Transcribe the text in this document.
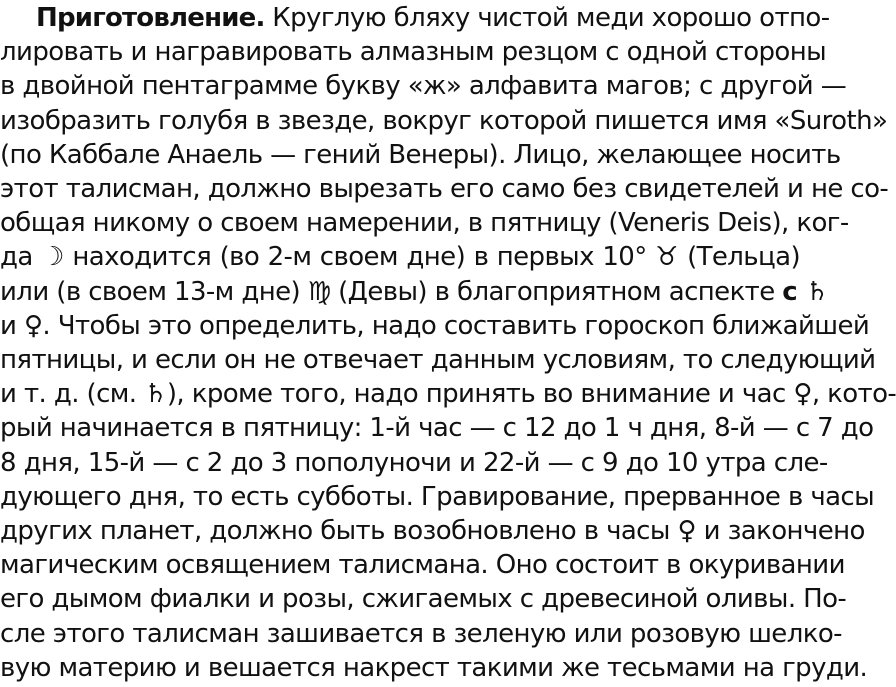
Приготовление. Круглую бляху чистой меди хорошо отпо-
лировать и награвировать алмазным резцом с одной стороны
в двойной пентаграмме букву «ж» алфавита магов; с другой —
изобразить голубя в звезде, вокруг которой пишется имя «Suroth»
(по Каббале Анаель — гений Венеры). Лицо, желающее носить
этот талисман, должно вырезать его само без свидетелей и не со-
общая никому о своем намерении, в пятницу (Veneris Deis), ког-
да ☽ находится (во 2-м своем дне) в первых 10° ♉ (Тельца)
или (в своем 13-м дне) ♍ (Девы) в благоприятном аспекте с ♄
и ♀. Чтобы это определить, надо составить гороскоп ближайшей
пятницы, и если он не отвечает данным условиям, то следующий
и т. д. (см. ♄), кроме того, надо принять во внимание и час ♀, кото-
рый начинается в пятницу: 1-й час — с 12 до 1 ч дня, 8-й — с 7 до
8 дня, 15-й — с 2 до 3 пополуночи и 22-й — с 9 до 10 утра сле-
дующего дня, то есть субботы. Гравирование, прерванное в часы
других планет, должно быть возобновлено в часы ♀ и закончено
магическим освящением талисмана. Оно состоит в окуривании
его дымом фиалки и розы, сжигаемых с древесиной оливы. По-
сле этого талисман зашивается в зеленую или розовую шелко-
вую материю и вешается накрест такими же тесьмами на груди.
